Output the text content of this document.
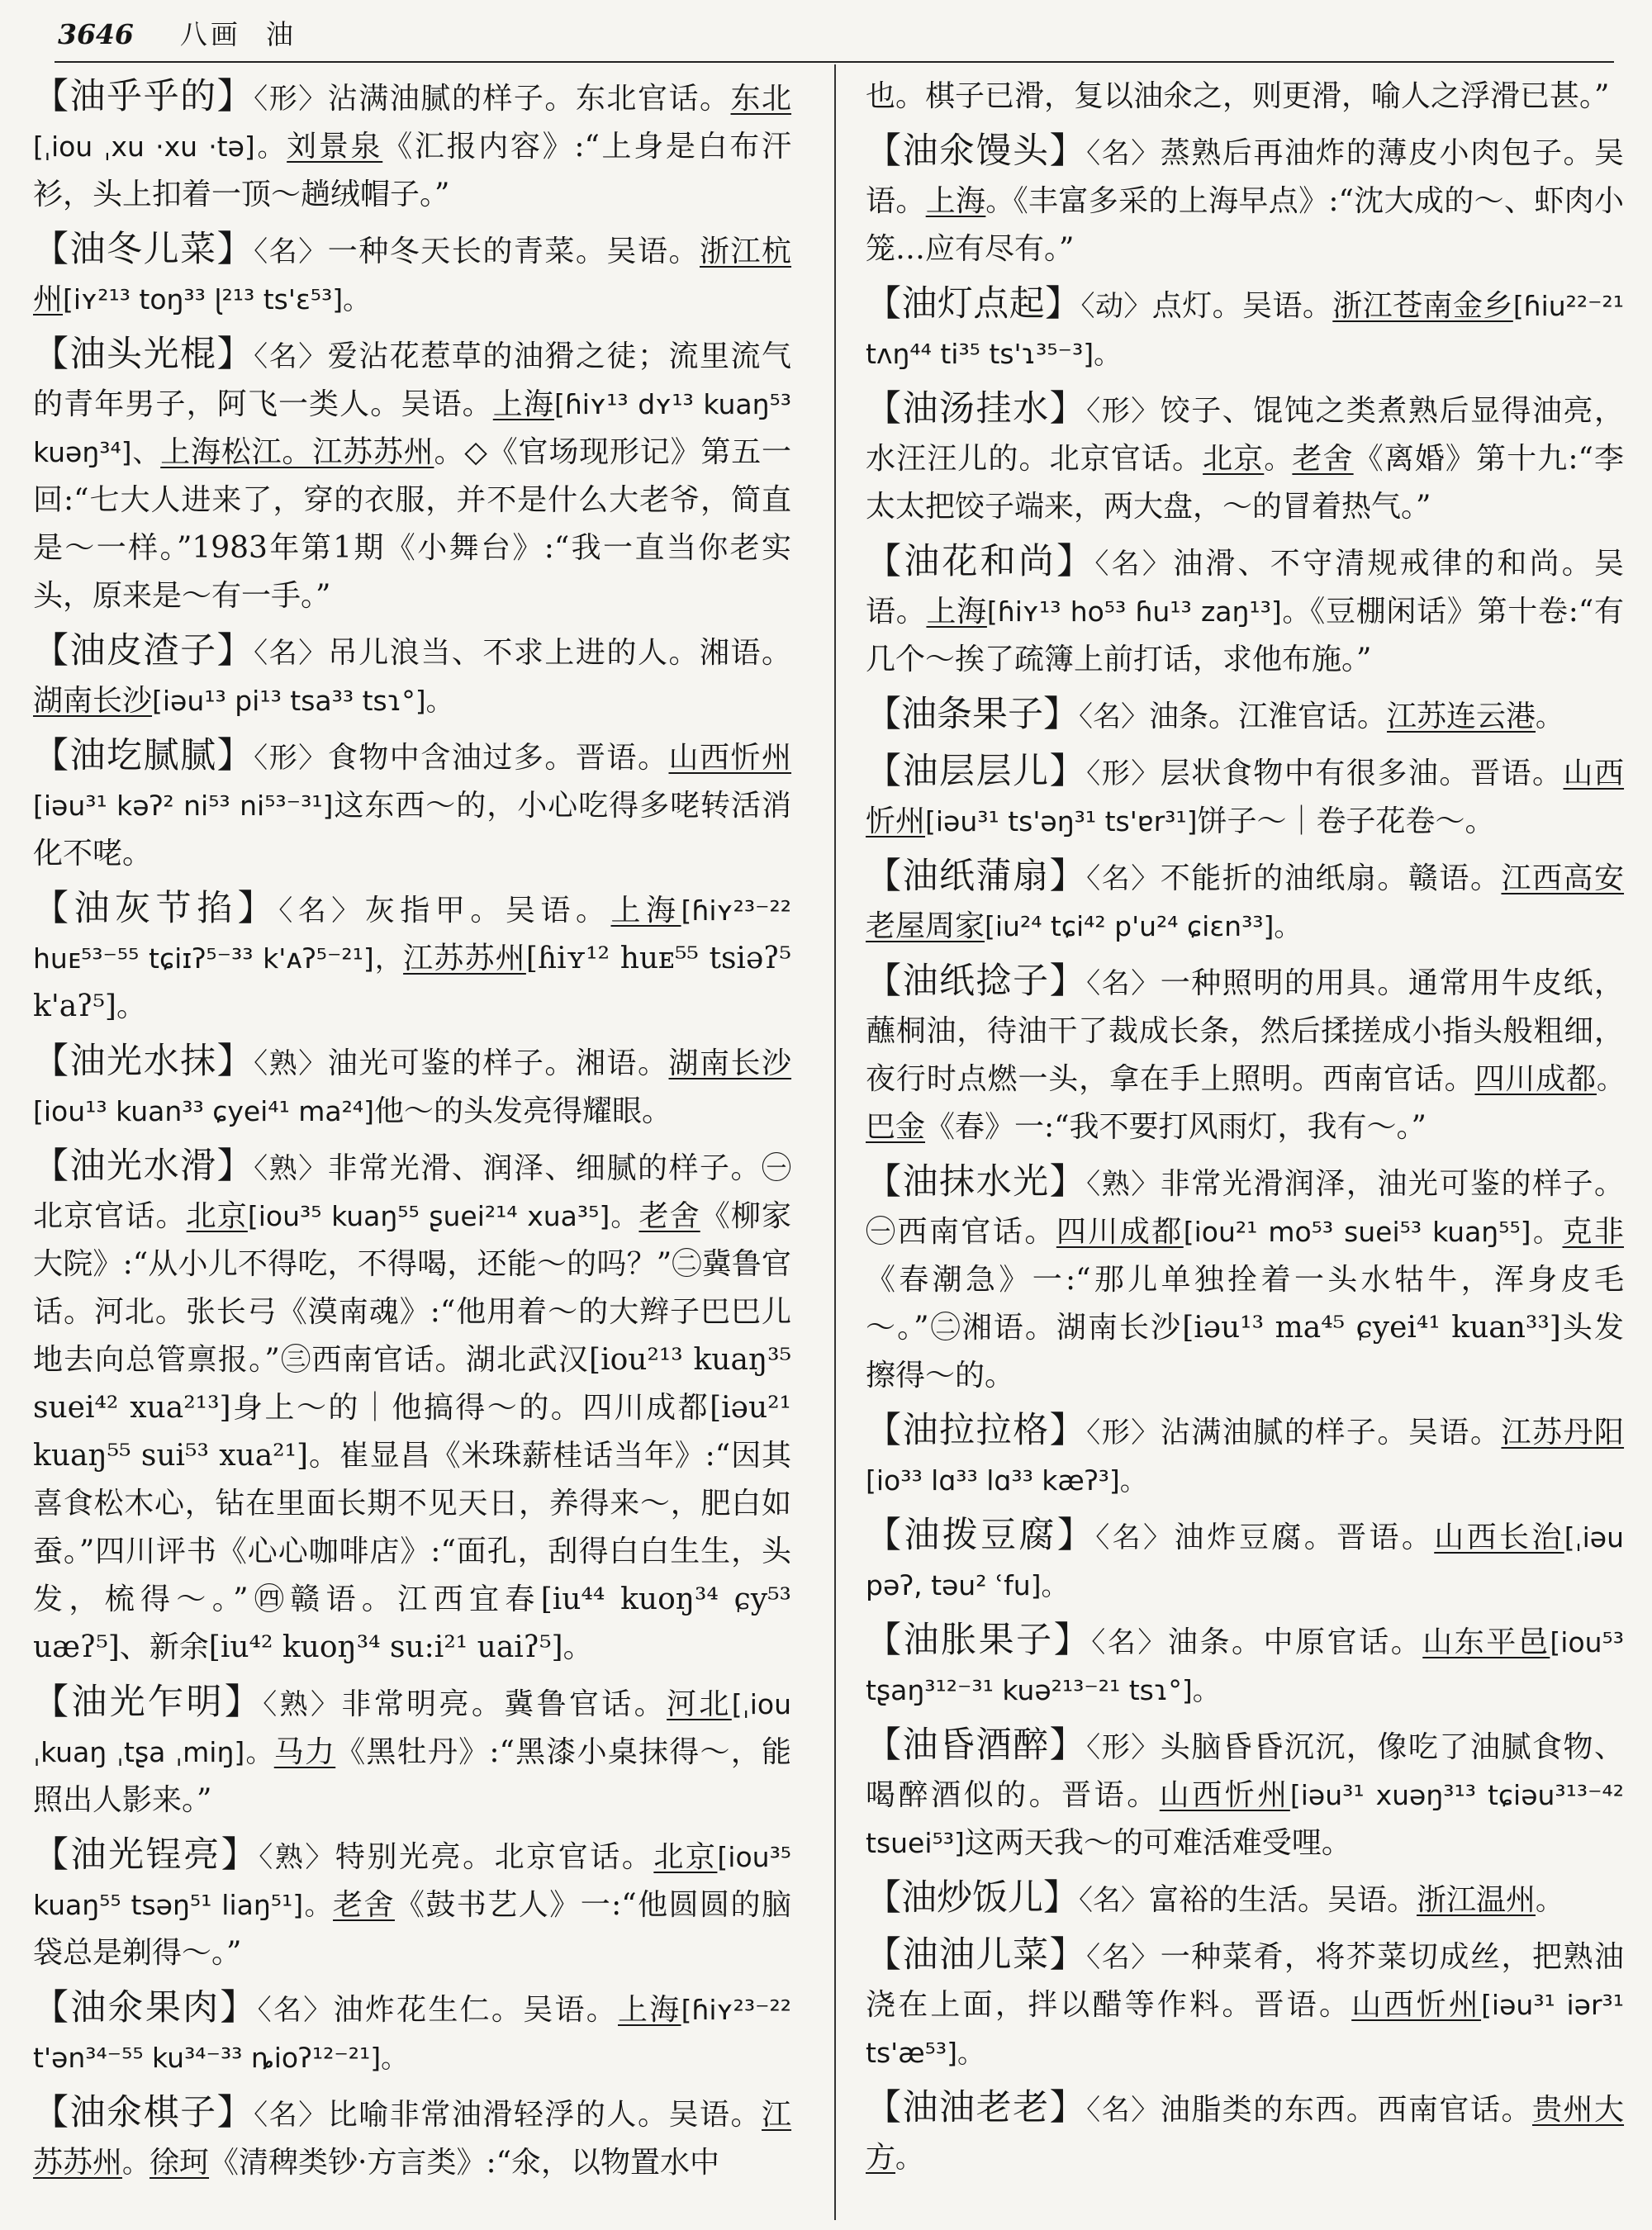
3646 八画 油

【油乎乎的】〈形〉沾满油腻的样子。东北官话。东北[ˌiou ˌxu ·xu ·tə]。刘景泉《汇报内容》:“上身是白布汗衫，头上扣着一顶～趟绒帽子。”

【油冬儿菜】〈名〉一种冬天长的青菜。吴语。浙江杭州[iʏ²¹³ toŋ³³ ɭ²¹³ ts'ɛ⁵³]。

【油头光棍】〈名〉爱沾花惹草的油猾之徒；流里流气的青年男子，阿飞一类人。吴语。上海[ɦiʏ¹³ dʏ¹³ kuaŋ⁵³ kuəŋ³⁴]、上海松江。江苏苏州。◇《官场现形记》第五一回:“七大人进来了，穿的衣服，并不是什么大老爷，简直是～一样。”1983年第1期《小舞台》:“我一直当你老实头，原来是～有一手。”

【油皮渣子】〈名〉吊儿浪当、不求上进的人。湘语。湖南长沙[iəu¹³ pi¹³ tsa³³ tsɿ°]。

【油圪腻腻】〈形〉食物中含油过多。晋语。山西忻州[iəu³¹ kəʔ² ni⁵³ ni⁵³⁻³¹]这东西～的，小心吃得多咾转活消化不咾。

【油灰节掐】〈名〉灰指甲。吴语。上海[ɦiʏ²³⁻²² huᴇ⁵³⁻⁵⁵ tɕiɪʔ⁵⁻³³ k'ᴀʔ⁵⁻²¹]，江苏苏州[ɦiʏ¹² huᴇ⁵⁵ tsiəʔ⁵ k'aʔ⁵]。

【油光水抹】〈熟〉油光可鉴的样子。湘语。湖南长沙[iou¹³ kuan³³ ɕyei⁴¹ ma²⁴]他～的头发亮得耀眼。

【油光水滑】〈熟〉非常光滑、润泽、细腻的样子。㊀北京官话。北京[iou³⁵ kuaŋ⁵⁵ ʂuei²¹⁴ xua³⁵]。老舍《柳家大院》:“从小儿不得吃，不得喝，还能～的吗？”㊁冀鲁官话。河北。张长弓《漠南魂》:“他用着～的大辫子巴巴儿地去向总管禀报。”㊂西南官话。湖北武汉[iou²¹³ kuaŋ³⁵ suei⁴² xua²¹³]身上～的｜他搞得～的。四川成都[iəu²¹ kuaŋ⁵⁵ sui⁵³ xua²¹]。崔显昌《米珠薪桂话当年》:“因其喜食松木心，钻在里面长期不见天日，养得来～，肥白如蚕。”四川评书《心心咖啡店》:“面孔，刮得白白生生，头发，梳得～。”㊃赣语。江西宜春[iu⁴⁴ kuoŋ³⁴ ɕy⁵³ uæʔ⁵]、新余[iu⁴² kuoŋ³⁴ su:i²¹ uaiʔ⁵]。

【油光乍明】〈熟〉非常明亮。冀鲁官话。河北[ˌiou ˌkuaŋ ˌtʂa ˌmiŋ]。马力《黑牡丹》:“黑漆小桌抹得～，能照出人影来。”

【油光锃亮】〈熟〉特别光亮。北京官话。北京[iou³⁵ kuaŋ⁵⁵ tsəŋ⁵¹ liaŋ⁵¹]。老舍《鼓书艺人》一:“他圆圆的脑袋总是剃得～。”

【油氽果肉】〈名〉油炸花生仁。吴语。上海[ɦiʏ²³⁻²² t'ən³⁴⁻⁵⁵ ku³⁴⁻³³ ȵioʔ¹²⁻²¹]。

【油氽棋子】〈名〉比喻非常油滑轻浮的人。吴语。江苏苏州。徐珂《清稗类钞·方言类》:“氽，以物置水中

也。棋子已滑，复以油氽之，则更滑，喻人之浮滑已甚。”

【油氽馒头】〈名〉蒸熟后再油炸的薄皮小肉包子。吴语。上海。《丰富多采的上海早点》:“沈大成的～、虾肉小笼…应有尽有。”

【油灯点起】〈动〉点灯。吴语。浙江苍南金乡[ɦiu²²⁻²¹ tʌŋ⁴⁴ ti³⁵ ts'ɿ³⁵⁻³]。

【油汤挂水】〈形〉饺子、馄饨之类煮熟后显得油亮，水汪汪儿的。北京官话。北京。老舍《离婚》第十九:“李太太把饺子端来，两大盘，～的冒着热气。”

【油花和尚】〈名〉油滑、不守清规戒律的和尚。吴语。上海[ɦiʏ¹³ ho⁵³ ɦu¹³ zaŋ¹³]。《豆棚闲话》第十卷:“有几个～挨了疏簿上前打话，求他布施。”

【油条果子】〈名〉油条。江淮官话。江苏连云港。

【油层层儿】〈形〉层状食物中有很多油。晋语。山西忻州[iəu³¹ ts'əŋ³¹ ts'ɐr³¹]饼子～｜卷子花卷～。

【油纸蒲扇】〈名〉不能折的油纸扇。赣语。江西高安老屋周家[iu²⁴ tɕi⁴² p'u²⁴ ɕiɛn³³]。

【油纸捻子】〈名〉一种照明的用具。通常用牛皮纸，蘸桐油，待油干了裁成长条，然后揉搓成小指头般粗细，夜行时点燃一头，拿在手上照明。西南官话。四川成都。巴金《春》一:“我不要打风雨灯，我有～。”

【油抹水光】〈熟〉非常光滑润泽，油光可鉴的样子。㊀西南官话。四川成都[iou²¹ mo⁵³ suei⁵³ kuaŋ⁵⁵]。克非《春潮急》一:“那儿单独拴着一头水牯牛，浑身皮毛～。”㊁湘语。湖南长沙[iəu¹³ ma⁴⁵ ɕyei⁴¹ kuan³³]头发擦得～的。

【油拉拉格】〈形〉沾满油腻的样子。吴语。江苏丹阳[io³³ lɑ³³ lɑ³³ kæʔ³]。

【油拨豆腐】〈名〉油炸豆腐。晋语。山西长治[ˌiəu pəʔ, təu² ʿfu]。

【油胀果子】〈名〉油条。中原官话。山东平邑[iou⁵³ tʂaŋ³¹²⁻³¹ kuə²¹³⁻²¹ tsɿ°]。

【油昏酒醉】〈形〉头脑昏昏沉沉，像吃了油腻食物、喝醉酒似的。晋语。山西忻州[iəu³¹ xuəŋ³¹³ tɕiəu³¹³⁻⁴² tsuei⁵³]这两天我～的可难活难受哩。

【油炒饭儿】〈名〉富裕的生活。吴语。浙江温州。

【油油儿菜】〈名〉一种菜肴，将芥菜切成丝，把熟油浇在上面，拌以醋等作料。晋语。山西忻州[iəu³¹ iər³¹ ts'æ⁵³]。

【油油老老】〈名〉油脂类的东西。西南官话。贵州大方。
